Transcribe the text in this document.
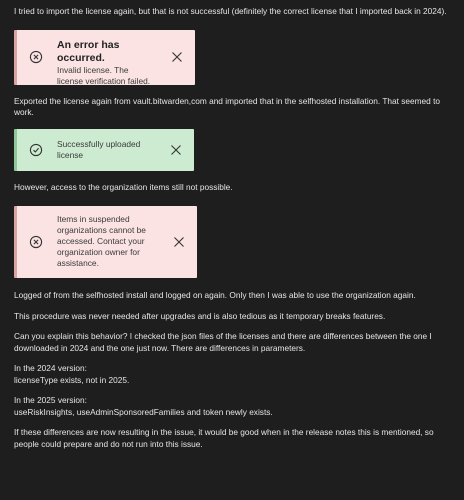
I tried to import the license again, but that is not successful (definitely the correct license that I imported back in 2024).

An error has occurred.
Invalid license. The license verification failed.

Exported the license again from vault.bitwarden,com and imported that in the selfhosted installation. That seemed to work.

Successfully uploaded license

However, access to the organization items still not possible.

Items in suspended organizations cannot be accessed. Contact your organization owner for assistance.

Logged of from the selfhosted install and logged on again. Only then I was able to use the organization again.

This procedure was never needed after upgrades and is also tedious as it temporary breaks features.

Can you explain this behavior? I checked the json files of the licenses and there are differences between the one I downloaded in 2024 and the one just now. There are differences in parameters.

In the 2024 version:

licenseType exists, not in 2025.

In the 2025 version:

useRiskInsights, useAdminSponsoredFamilies and token newly exists.

If these differences are now resulting in the issue, it would be good when in the release notes this is mentioned, so people could prepare and do not run into this issue.
